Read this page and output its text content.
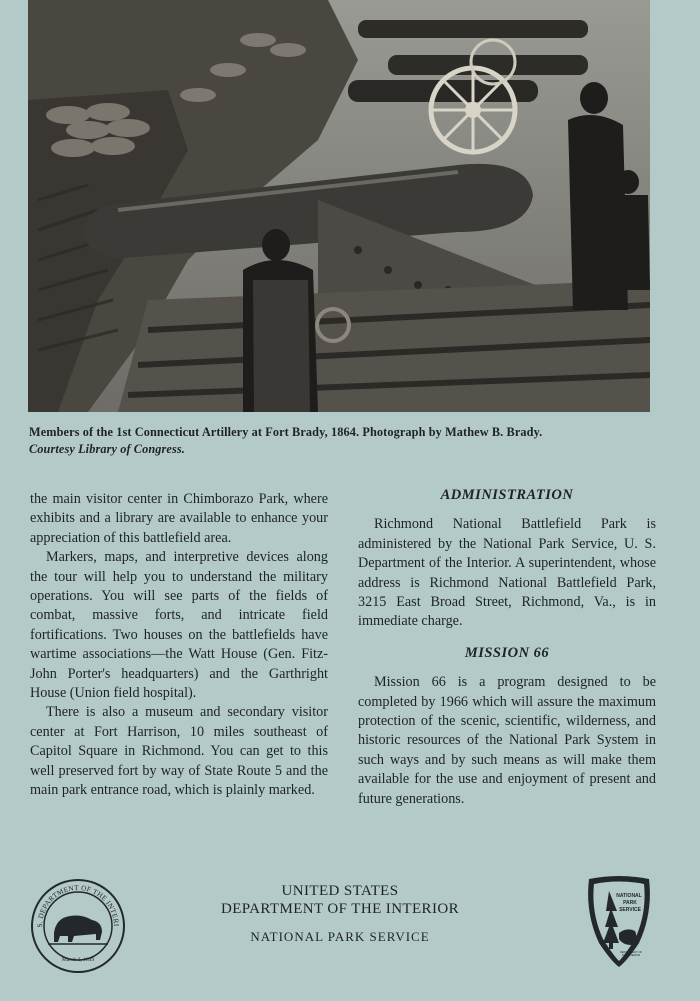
Members of the 1st Connecticut Artillery at Fort Brady, 1864. Photograph by Mathew B. Brady.
Courtesy Library of Congress.

the main visitor center in Chimborazo Park, where exhibits and a library are available to enhance your appreciation of this battlefield area.

Markers, maps, and interpretive devices along the tour will help you to understand the military operations. You will see parts of the fields of combat, massive forts, and intricate field fortifications. Two houses on the battlefields have wartime associations—the Watt House (Gen. Fitz-John Porter's headquarters) and the Garthright House (Union field hospital).

There is also a museum and secondary visitor center at Fort Harrison, 10 miles southeast of Capitol Square in Richmond. You can get to this well preserved fort by way of State Route 5 and the main park entrance road, which is plainly marked.

ADMINISTRATION

Richmond National Battlefield Park is administered by the National Park Service, U. S. Department of the Interior. A superintendent, whose address is Richmond National Battlefield Park, 3215 East Broad Street, Richmond, Va., is in immediate charge.

MISSION 66

Mission 66 is a program designed to be completed by 1966 which will assure the maximum protection of the scenic, scientific, wilderness, and historic resources of the National Park System in such ways and by such means as will make them available for the use and enjoyment of present and future generations.

S. DEPARTMENT OF THE INTERI
March 3, 1849
UNITED STATES
DEPARTMENT OF THE INTERIOR
NATIONAL PARK SERVICE
NATIONAL
PARK
SERVICE
DEPARTMENT OF
THE INTERIOR
